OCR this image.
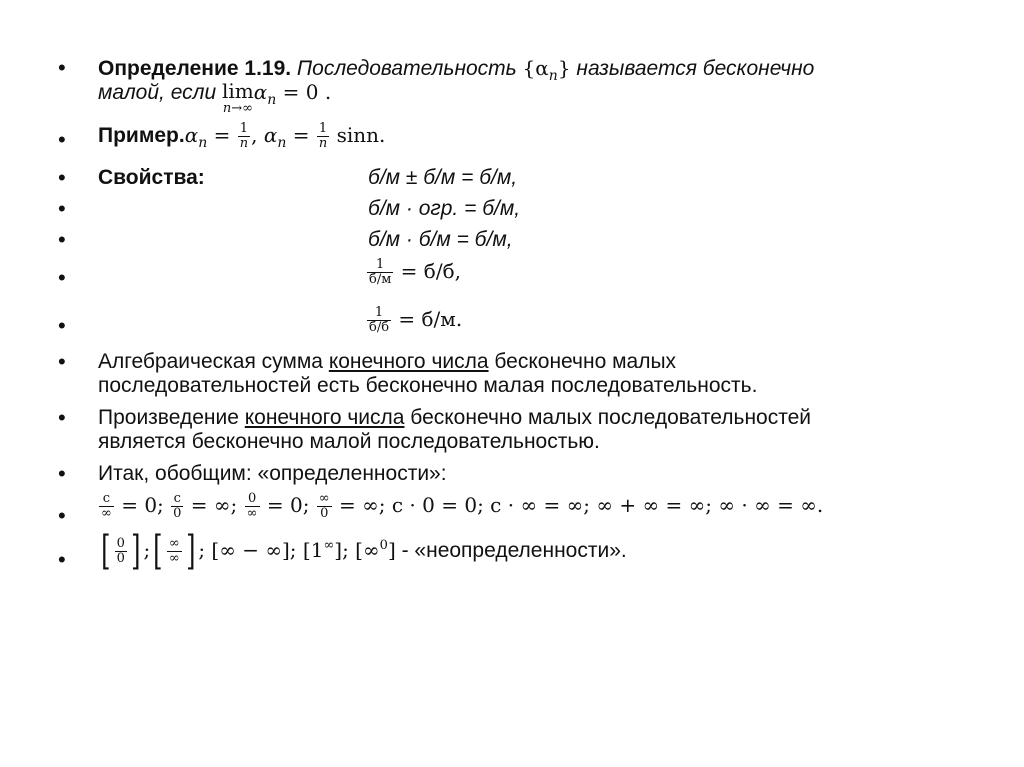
• Определение 1.19. Последовательность $\{\alpha_n\}$ называется бесконечно
малой, если lim
n→∞
$\alpha_n = 0$ .
• $Пример.\alpha_n = \frac{1}{n}$ , $\alpha_n = \frac{1}{n} \sin n$.
• Свойства:	б/м ± б/м = б/м,
•	б/м · огр. = б/м,
•	б/м · б/м = б/м,
•	$\frac{1}{б/м} = б/б$,
•	$\frac{1}{б/б} = б/м$.
• Алгебраическая сумма конечного числа бесконечно малых
последовательностей есть бесконечно малая последовательность.
• Произведение конечного числа бесконечно малых последовательностей
является бесконечно малой последовательностью.
• Итак, обобщим: «определенности»:
•	$\frac{c}{\infty} = 0$; $\frac{c}{0}$ = ∞; $\frac{0}{\infty} = 0$; $\frac{\infty}{0}$ = ∞; c · 0 = 0; c · ∞ = ∞; ∞ + ∞ = ∞; ∞ · ∞ = ∞.
• [ $\frac{0}{0}$ ] ;[ $\frac{\infty}{\infty}$ ] ; [∞ − ∞]; [1∞]; [∞$^0$] - «неопределенности».
